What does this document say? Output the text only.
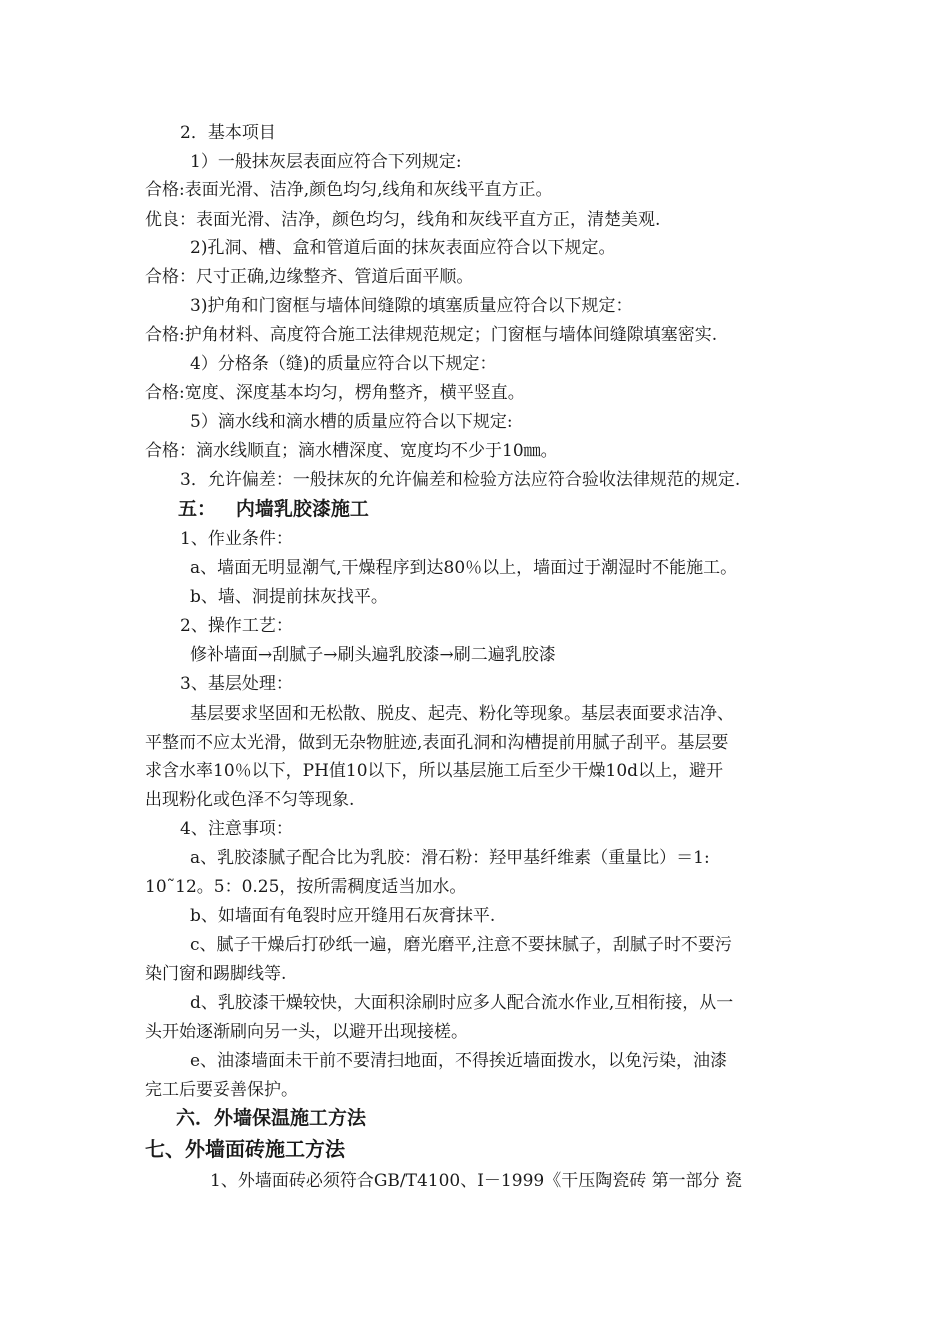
2．基本项目
1）一般抹灰层表面应符合下列规定:
合格:表面光滑、洁净,颜色均匀,线角和灰线平直方正。
优良：表面光滑、洁净，颜色均匀，线角和灰线平直方正，清楚美观.
2)孔洞、槽、盒和管道后面的抹灰表面应符合以下规定。
合格：尺寸正确,边缘整齐、管道后面平顺。
3)护角和门窗框与墙体间缝隙的填塞质量应符合以下规定：
合格:护角材料、高度符合施工法律规范规定；门窗框与墙体间缝隙填塞密实.
4）分格条（缝)的质量应符合以下规定：
合格:宽度、深度基本均匀，楞角整齐，横平竖直。
5）滴水线和滴水槽的质量应符合以下规定:
合格：滴水线顺直；滴水槽深度、宽度均不少于10㎜。
3．允许偏差：一般抹灰的允许偏差和检验方法应符合验收法律规范的规定.
五：   内墙乳胶漆施工
1、作业条件：
a、墙面无明显潮气,干燥程序到达80％以上，墙面过于潮湿时不能施工。
b、墙、洞提前抹灰找平。
2、操作工艺：
修补墙面→刮腻子→刷头遍乳胶漆→刷二遍乳胶漆
3、基层处理：
基层要求坚固和无松散、脱皮、起壳、粉化等现象。基层表面要求洁净、
平整而不应太光滑，做到无杂物脏迹,表面孔洞和沟槽提前用腻子刮平。基层要
求含水率10％以下，PH值10以下，所以基层施工后至少干燥10d以上，避开
出现粉化或色泽不匀等现象.
4、注意事项：
a、乳胶漆腻子配合比为乳胶：滑石粉：羟甲基纤维素（重量比）＝1:
10˜12。5：0.25，按所需稠度适当加水。
b、如墙面有龟裂时应开缝用石灰膏抹平.
c、腻子干燥后打砂纸一遍，磨光磨平,注意不要抹腻子，刮腻子时不要污
染门窗和踢脚线等.
d、乳胶漆干燥较快，大面积涂刷时应多人配合流水作业,互相衔接，从一
头开始逐渐刷向另一头，以避开出现接槎。
e、油漆墙面未干前不要清扫地面，不得挨近墙面拨水，以免污染，油漆
完工后要妥善保护。
六．外墙保温施工方法
七、外墙面砖施工方法
1、外墙面砖必须符合GB/T4100、I－1999《干压陶瓷砖 第一部分 瓷
